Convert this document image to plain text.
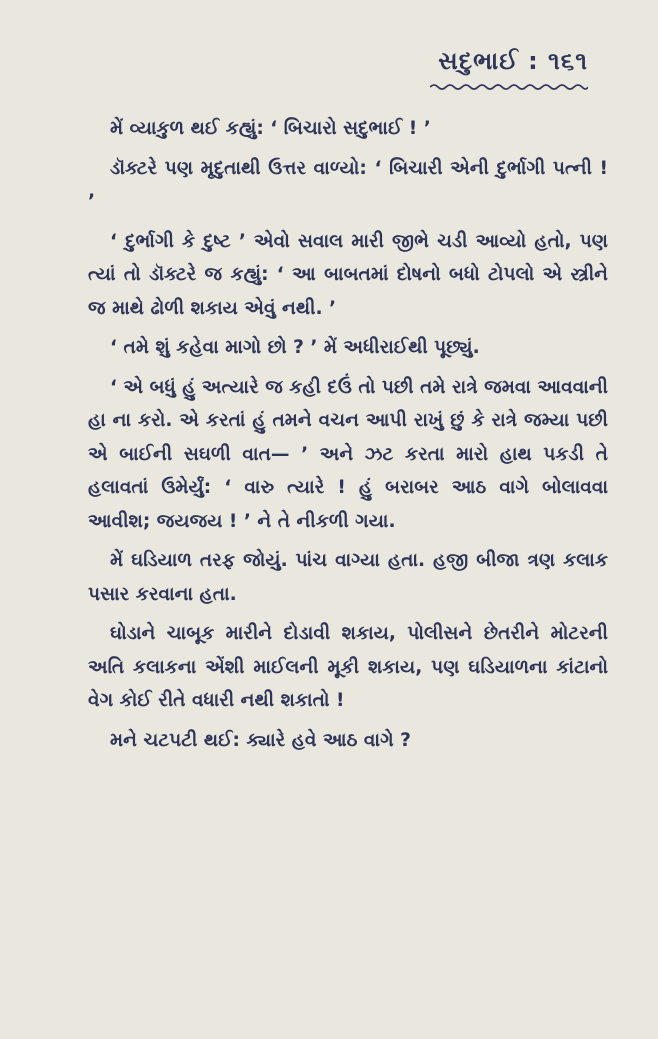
સદુભાઈ : ૧૬૧

મેં વ્યાકુળ થઈ કહ્યું: ‘ બિચારો સદુભાઈ ! ’

ડૉક્ટરે પણ મૃદુતાથી ઉત્તર વાળ્યો: ‘ બિચારી એની દુર્ભાગી પત્ની ! ’

‘ દુર્ભાગી કે દુષ્ટ ’ એવો સવાલ મારી જીભે ચડી આવ્યો હતો, પણ ત્યાં તો ડૉક્ટરે જ કહ્યું: ‘ આ બાબતમાં દોષનો બધો ટોપલો એ સ્ત્રીને જ માથે ઢોળી શકાય એવું નથી. ’

‘ તમે શું કહેવા માગો છો ? ’ મેં અધીરાઈથી પૂછ્યું.

‘ એ બધું હું અત્યારે જ કહી દઉં તો પછી તમે રાત્રે જમવા આવવાની હા ના કરો. એ કરતાં હું તમને વચન આપી રાખું છું કે રાત્રે જમ્યા પછી એ બાઈની સઘળી વાત— ’ અને ઝટ કરતા મારો હાથ પકડી તે હલાવતાં ઉમેર્યું: ‘ વારુ ત્યારે ! હું બરાબર આઠ વાગે બોલાવવા આવીશ; જયજય ! ’ ને તે નીકળી ગયા.

મેં ઘડિયાળ તરફ જોયું. પાંચ વાગ્યા હતા. હજી બીજા ત્રણ કલાક પસાર કરવાના હતા.

ઘોડાને ચાબૂક મારીને દોડાવી શકાય, પોલીસને છેતરીને મોટરની અતિ કલાકના એંશી માઈલની મૂકી શકાય, પણ ઘડિયાળના કાંટાનો વેગ કોઈ રીતે વધારી નથી શકાતો !

મને ચટપટી થઈ: ક્યારે હવે આઠ વાગે ?
